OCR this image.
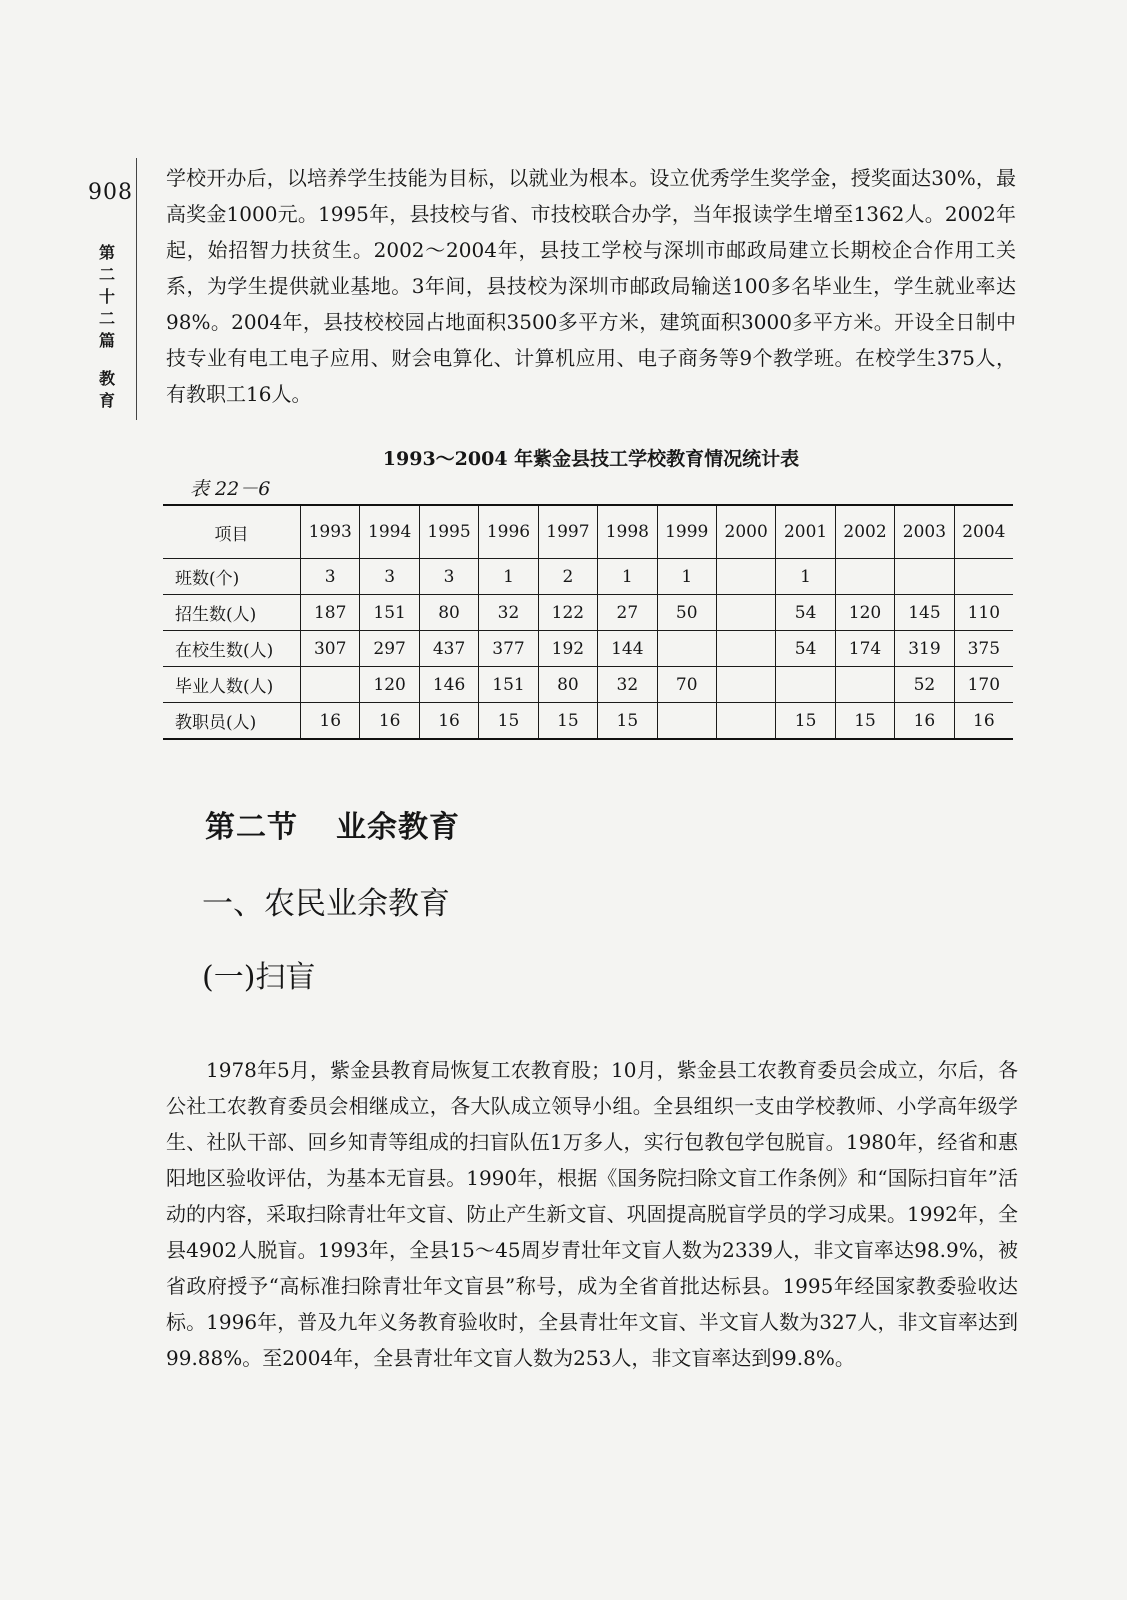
908
第
二
十
二
篇
教
育

学校开办后，以培养学生技能为目标，以就业为根本。设立优秀学生奖学金，授奖面达30%，最高奖金1000元。1995年，县技校与省、市技校联合办学，当年报读学生增至1362人。2002年起，始招智力扶贫生。2002～2004年，县技工学校与深圳市邮政局建立长期校企合作用工关系，为学生提供就业基地。3年间，县技校为深圳市邮政局输送100多名毕业生，学生就业率达98%。2004年，县技校校园占地面积3500多平方米，建筑面积3000多平方米。开设全日制中技专业有电工电子应用、财会电算化、计算机应用、电子商务等9个教学班。在校学生375人，有教职工16人。

1993～2004 年紫金县技工学校教育情况统计表
表 22－6
项目	1993	1994	1995	1996	1997	1998	1999	2000	2001	2002	2003	2004
班数(个)	3	3	3	1	2	1	1		1			
招生数(人)	187	151	80	32	122	27	50		54	120	145	110
在校生数(人)	307	297	437	377	192	144			54	174	319	375
毕业人数(人)		120	146	151	80	32	70				52	170
教职员(人)	16	16	16	15	15	15			15	15	16	16
第二节 业余教育
一、农民业余教育
(一)扫盲

1978年5月，紫金县教育局恢复工农教育股；10月，紫金县工农教育委员会成立，尔后，各公社工农教育委员会相继成立，各大队成立领导小组。全县组织一支由学校教师、小学高年级学生、社队干部、回乡知青等组成的扫盲队伍1万多人，实行包教包学包脱盲。1980年，经省和惠阳地区验收评估，为基本无盲县。1990年，根据《国务院扫除文盲工作条例》和“国际扫盲年”活动的内容，采取扫除青壮年文盲、防止产生新文盲、巩固提高脱盲学员的学习成果。1992年，全县4902人脱盲。1993年，全县15～45周岁青壮年文盲人数为2339人，非文盲率达98.9%，被省政府授予“高标准扫除青壮年文盲县”称号，成为全省首批达标县。1995年经国家教委验收达标。1996年，普及九年义务教育验收时，全县青壮年文盲、半文盲人数为327人，非文盲率达到99.88%。至2004年，全县青壮年文盲人数为253人，非文盲率达到99.8%。
